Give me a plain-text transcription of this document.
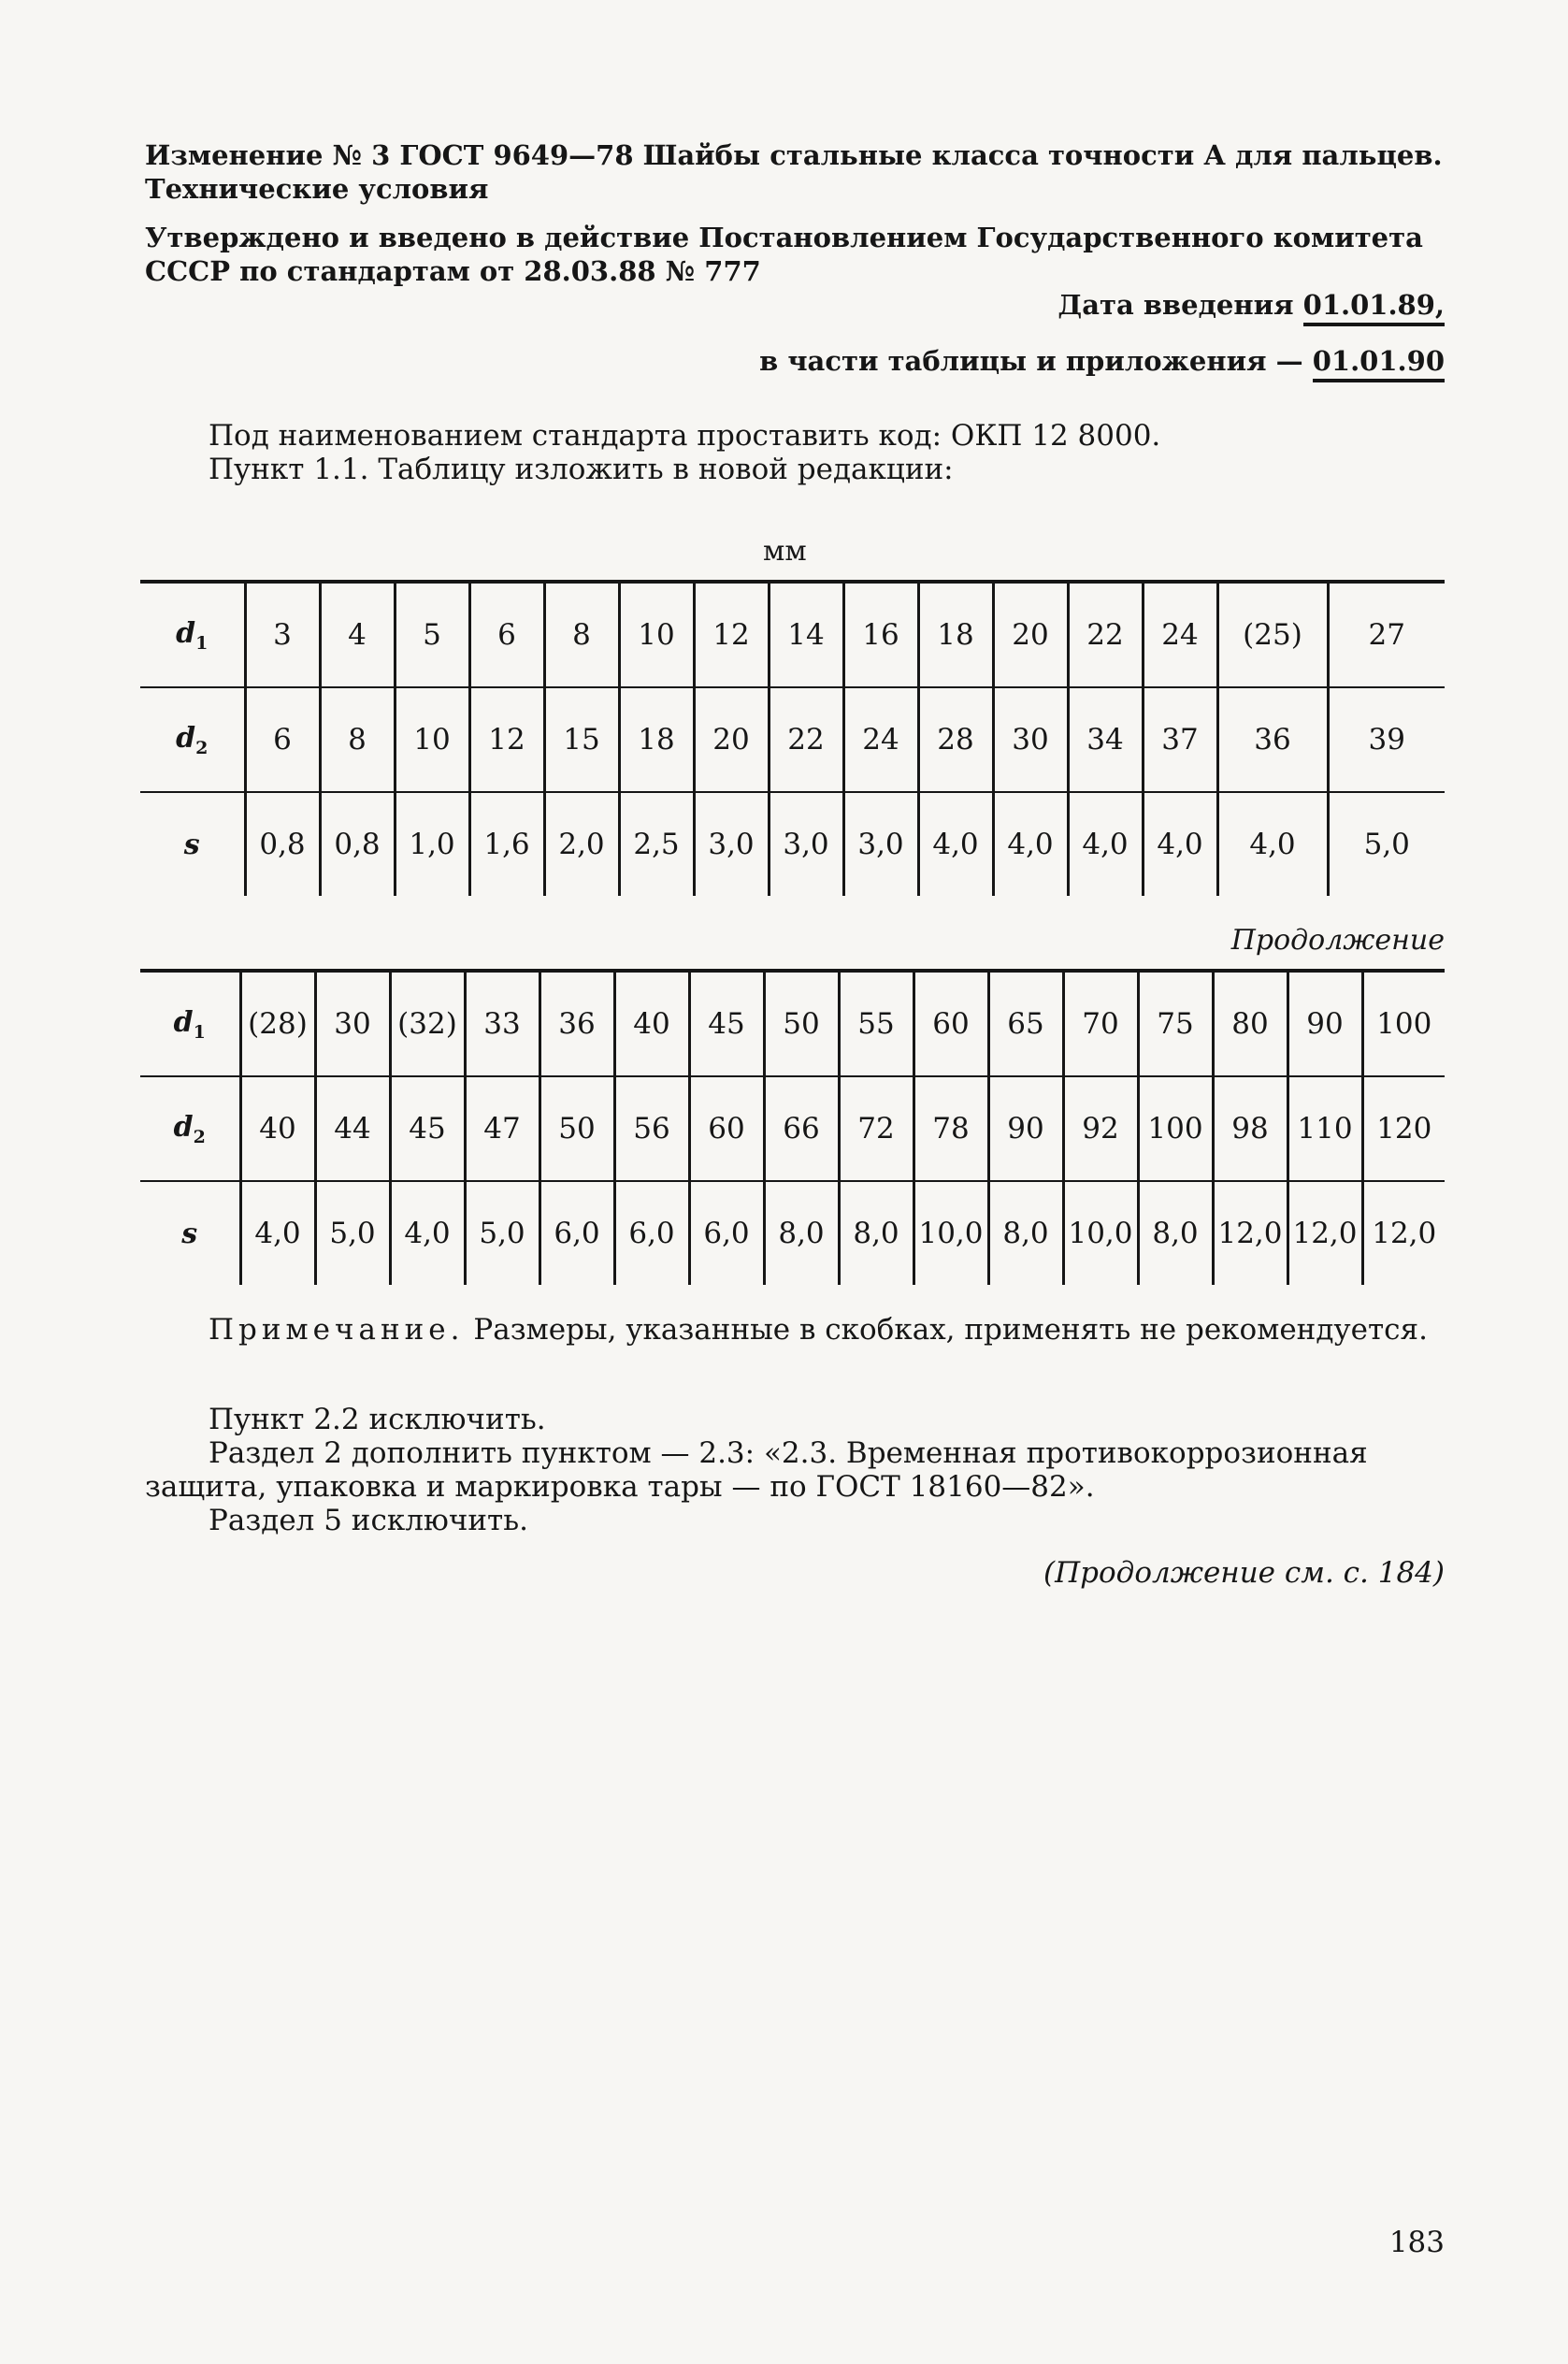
Изменение № 3 ГОСТ 9649—78 Шайбы стальные класса точности А для пальцев. Технические условия
Утверждено и введено в действие Постановлением Государственного комитета СССР по стандартам от 28.03.88 № 777
Дата введения 01.01.89,
в части таблицы и приложения — 01.01.90
Под наименованием стандарта проставить код: ОКП 12 8000.
Пункт 1.1. Таблицу изложить в новой редакции:
мм
$d_1$	3	4	5	6	8	10	12	14	16	18	20	22	24	(25)	27
$d_2$	6	8	10	12	15	18	20	22	24	28	30	34	37	36	39
s	0,8	0,8	1,0	1,6	2,0	2,5	3,0	3,0	3,0	4,0	4,0	4,0	4,0	4,0	5,0
Продолжение
$d_1$	(28)	30	(32)	33	36	40	45	50	55	60	65	70	75	80	90	100
$d_2$	40	44	45	47	50	56	60	66	72	78	90	92	100	98	110	120
s	4,0	5,0	4,0	5,0	6,0	6,0	6,0	8,0	8,0	10,0	8,0	10,0	8,0	12,0	12,0	12,0
Примечание. Размеры, указанные в скобках, применять не рекомендуется.
Пункт 2.2 исключить.
Раздел 2 дополнить пунктом — 2.3: «2.3. Временная противокоррозионная защита, упаковка и маркировка тары — по ГОСТ 18160—82».
Раздел 5 исключить.
(Продолжение см. с. 184)
183
